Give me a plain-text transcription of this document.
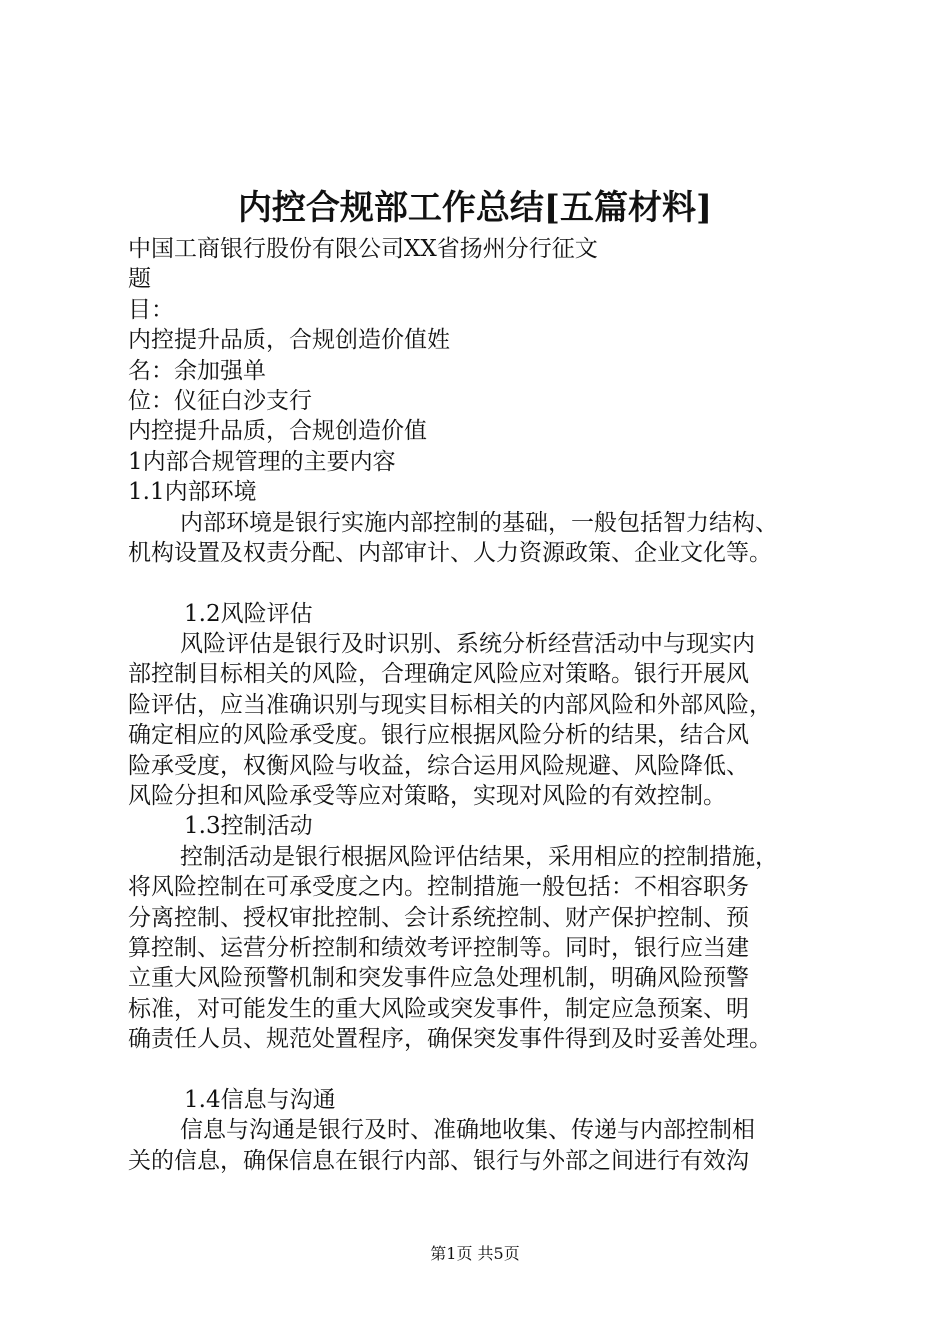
内控合规部工作总结[五篇材料]
中国工商银行股份有限公司XX省扬州分行征文
题
目：
内控提升品质，合规创造价值姓
名：余加强单
位：仪征白沙支行
内控提升品质，合规创造价值
1内部合规管理的主要内容
1.1内部环境
内部环境是银行实施内部控制的基础，一般包括智力结构、
机构设置及权责分配、内部审计、人力资源政策、企业文化等。
1.2风险评估
风险评估是银行及时识别、系统分析经营活动中与现实内
部控制目标相关的风险，合理确定风险应对策略。银行开展风
险评估，应当准确识别与现实目标相关的内部风险和外部风险，
确定相应的风险承受度。银行应根据风险分析的结果，结合风
险承受度，权衡风险与收益，综合运用风险规避、风险降低、
风险分担和风险承受等应对策略，实现对风险的有效控制。
1.3控制活动
控制活动是银行根据风险评估结果，采用相应的控制措施，
将风险控制在可承受度之内。控制措施一般包括：不相容职务
分离控制、授权审批控制、会计系统控制、财产保护控制、预
算控制、运营分析控制和绩效考评控制等。同时，银行应当建
立重大风险预警机制和突发事件应急处理机制，明确风险预警
标准，对可能发生的重大风险或突发事件，制定应急预案、明
确责任人员、规范处置程序，确保突发事件得到及时妥善处理。
1.4信息与沟通
信息与沟通是银行及时、准确地收集、传递与内部控制相
关的信息，确保信息在银行内部、银行与外部之间进行有效沟
第1页 共5页
